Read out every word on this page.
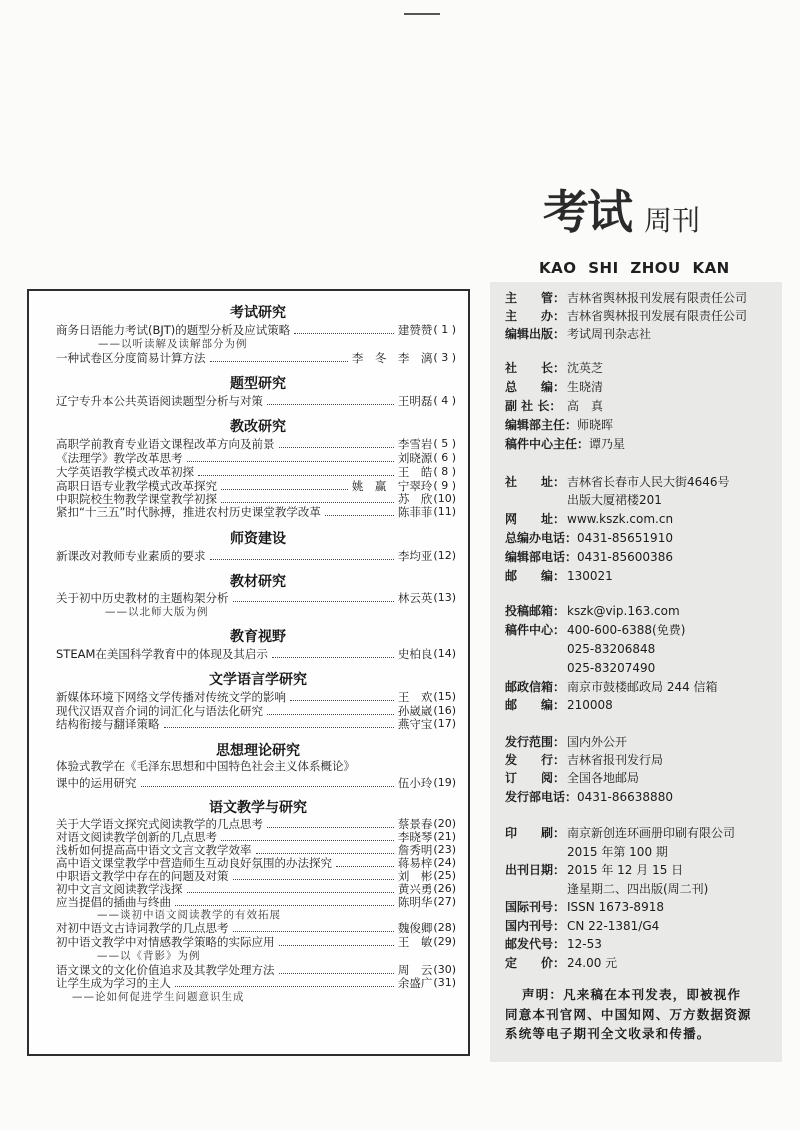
考试 周刊
KAO SHI ZHOU KAN
考试研究
商务日语能力考试(BJT)的题型分析及应试策略	建赞赞 ( 1 )
——以听读解及读解部分为例
一种试卷区分度简易计算方法	李　冬　李　漓 ( 3 )
题型研究
辽宁专升本公共英语阅读题型分析与对策	王明磊 ( 4 )
教改研究
高职学前教育专业语文课程改革方向及前景	李雪岩 ( 5 )
《法理学》教学改革思考	刘晓源 ( 6 )
大学英语教学模式改革初探	王　皓 ( 8 )
高职日语专业教学模式改革探究	姚　赢　宁翠玲 ( 9 )
中职院校生物教学课堂教学初探	苏　欣 (10)
紧扣“十三五”时代脉搏，推进农村历史课堂教学改革	陈菲菲 (11)
师资建设
新课改对教师专业素质的要求	李均亚 (12)
教材研究
关于初中历史教材的主题构架分析	林云英 (13)
——以北师大版为例
教育视野
STEAM在美国科学教育中的体现及其启示	史柏良 (14)
文学语言学研究
新媒体环境下网络文学传播对传统文学的影响	王　欢 (15)
现代汉语双音介词的词汇化与语法化研究	孙崴崴 (16)
结构衔接与翻译策略	燕守宝 (17)
思想理论研究
体验式教学在《毛泽东思想和中国特色社会主义体系概论》
课中的运用研究	伍小玲 (19)
语文教学与研究
关于大学语文探究式阅读教学的几点思考	蔡景春 (20)
对语文阅读教学创新的几点思考	李晓琴 (21)
浅析如何提高高中语文文言文教学效率	詹秀明 (23)
高中语文课堂教学中营造师生互动良好氛围的办法探究	蒋易梓 (24)
中职语文教学中存在的问题及对策	刘　彬 (25)
初中文言文阅读教学浅探	黄兴勇 (26)
应当提倡的插曲与终曲	陈明华 (27)
——谈初中语文阅读教学的有效拓展
对初中语文古诗词教学的几点思考	魏俊卿 (28)
初中语文教学中对情感教学策略的实际应用	王　敏 (29)
——以《背影》为例
语文课文的文化价值追求及其教学处理方法	周　云 (30)
让学生成为学习的主人	余盛广 (31)
——论如何促进学生问题意识生成
主　　管： 吉林省舆林报刊发展有限责任公司
主　　办： 吉林省舆林报刊发展有限责任公司
编辑出版： 考试周刊杂志社
社　　长： 沈英芝
总　　编： 生晓清
副 社 长： 高　真
编辑部主任：师晓晖
稿件中心主任：谭乃星
社　　址： 吉林省长春市人民大街4646号
出版大厦裙楼201
网　　址： www.kszk.com.cn
总编办电话：0431-85651910
编辑部电话：0431-85600386
邮　　编： 130021
投稿邮箱： kszk@vip.163.com
稿件中心： 400-600-6388(免费)
025-83206848
025-83207490
邮政信箱： 南京市鼓楼邮政局 244 信箱
邮　　编： 210008
发行范围： 国内外公开
发　　行： 吉林省报刊发行局
订　　阅： 全国各地邮局
发行部电话：0431-86638880
印　　刷： 南京新创连环画册印刷有限公司
2015 年第 100 期
出刊日期： 2015 年 12 月 15 日
逢星期二、四出版(周二刊)
国际刊号： ISSN 1673-8918
国内刊号： CN 22-1381/G4
邮发代号： 12-53
定　　价： 24.00 元
声明：凡来稿在本刊发表，即被视作
同意本刊官网、中国知网、万方数据资源
系统等电子期刊全文收录和传播。
